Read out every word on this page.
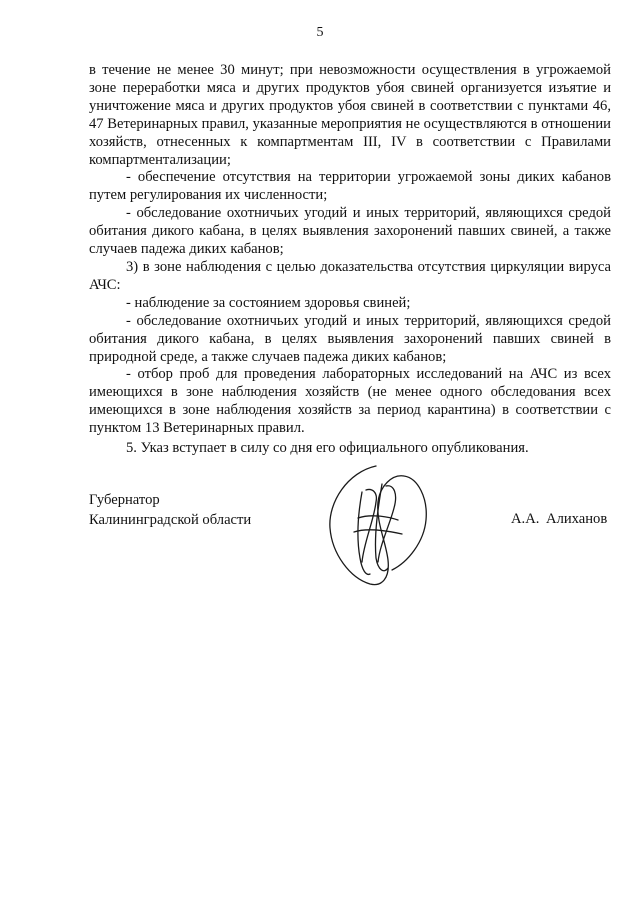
5

в течение не менее 30 минут; при невозможности осуществления в угрожаемой зоне переработки мяса и других продуктов убоя свиней организуется изъятие и уничтожение мяса и других продуктов убоя свиней в соответствии с пунктами 46, 47 Ветеринарных правил, указанные мероприятия не осуществляются в отношении хозяйств, отнесенных к компартментам III, IV в соответствии с Правилами компартментализации;

- обеспечение отсутствия на территории угрожаемой зоны диких кабанов путем регулирования их численности;

- обследование охотничьих угодий и иных территорий, являющихся средой обитания дикого кабана, в целях выявления захоронений павших свиней, а также случаев падежа диких кабанов;

3) в зоне наблюдения с целью доказательства отсутствия циркуляции вируса АЧС:

- наблюдение за состоянием здоровья свиней;

- обследование охотничьих угодий и иных территорий, являющихся средой обитания дикого кабана, в целях выявления захоронений павших свиней в природной среде, а также случаев падежа диких кабанов;

- отбор проб для проведения лабораторных исследований на АЧС из всех имеющихся в зоне наблюдения хозяйств (не менее одного обследования всех имеющихся в зоне наблюдения хозяйств за период карантина) в соответствии с пунктом 13 Ветеринарных правил.

5. Указ вступает в силу со дня его официального опубликования.

Губернатор
Калининградской области	А.А. Алиханов
